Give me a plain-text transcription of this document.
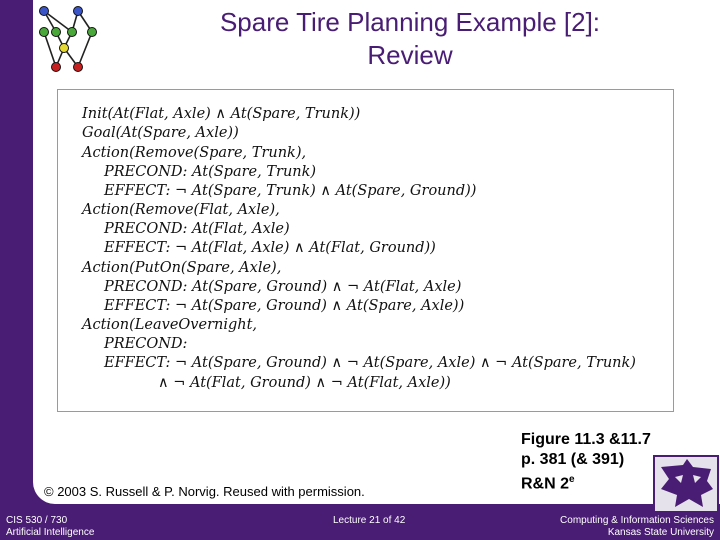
Spare Tire Planning Example [2]:
Review
Init(At(Flat, Axle) ∧ At(Spare, Trunk))
Goal(At(Spare, Axle))
Action(Remove(Spare, Trunk),
PRECOND: At(Spare, Trunk)
EFFECT: ¬ At(Spare, Trunk) ∧ At(Spare, Ground))
Action(Remove(Flat, Axle),
PRECOND: At(Flat, Axle)
EFFECT: ¬ At(Flat, Axle) ∧ At(Flat, Ground))
Action(PutOn(Spare, Axle),
PRECOND: At(Spare, Ground) ∧ ¬ At(Flat, Axle)
EFFECT: ¬ At(Spare, Ground) ∧ At(Spare, Axle))
Action(LeaveOvernight,
PRECOND:
EFFECT: ¬ At(Spare, Ground) ∧ ¬ At(Spare, Axle) ∧ ¬ At(Spare, Trunk)
∧ ¬ At(Flat, Ground) ∧ ¬ At(Flat, Axle))
© 2003 S. Russell & P. Norvig. Reused with permission.
Figure 11.3 &11.7
p. 381 (& 391)
R&N 2e
CIS 530 / 730
Artificial Intelligence
Lecture 21 of 42	Computing & Information Sciences
Kansas State University
